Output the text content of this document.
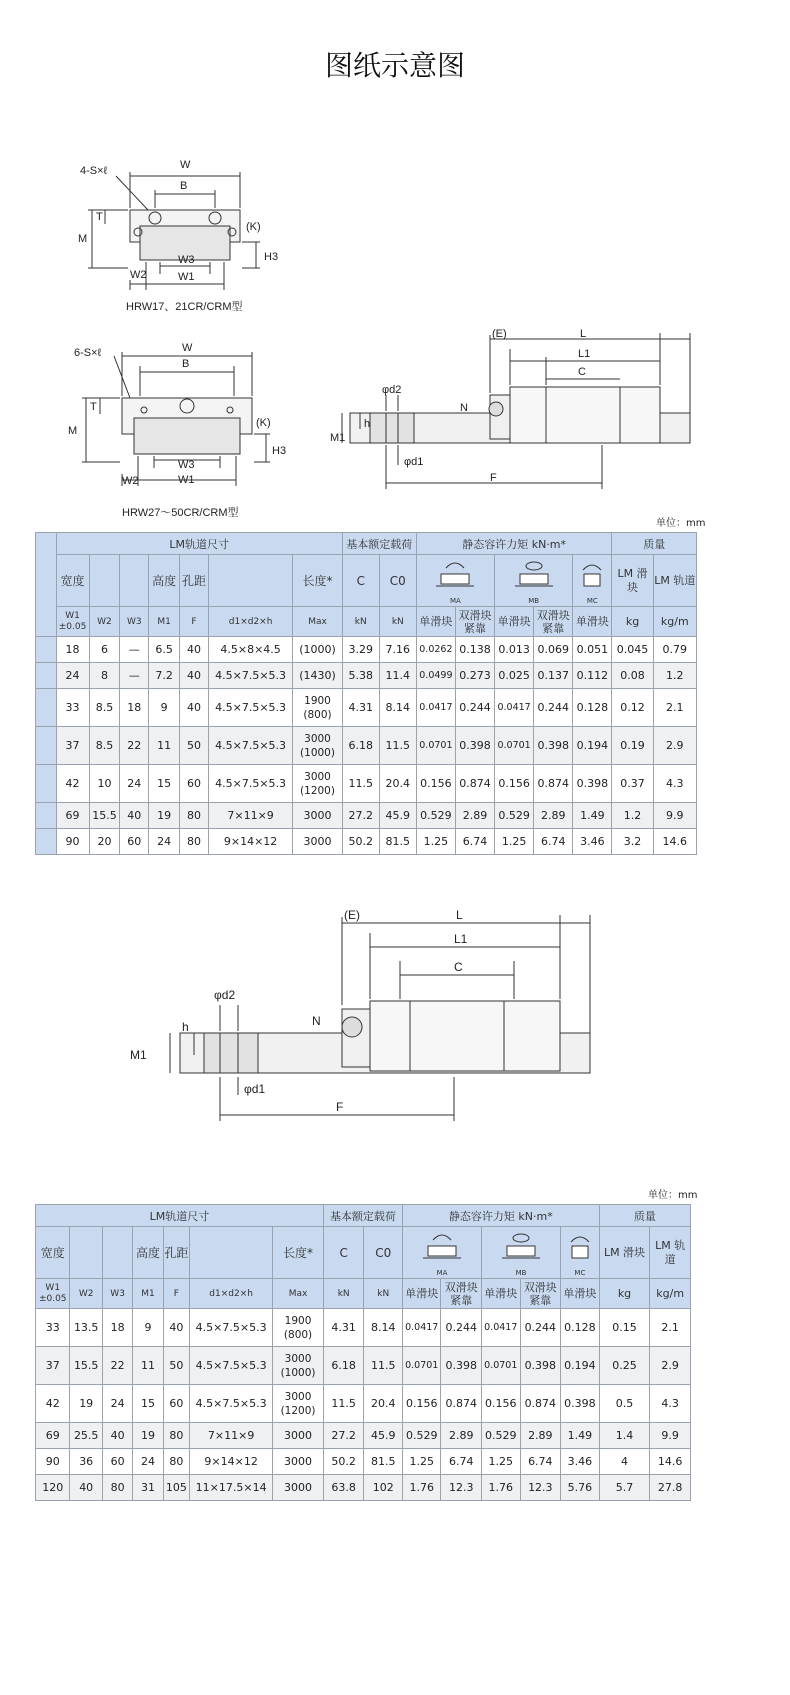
图纸示意图
4-S×ℓ	W
B
T
M
(K)
H3
W3
W1
W2
HRW17、21CR/CRM型
6-S×ℓ	W
B
T
M
(K)
H3
W3
W1
W2
HRW27～50CR/CRM型
(E)	L
L1
C
N
φd2
φd1
h
M1
F
单位：mm
	LM轨道尺寸							基本额定载荷		静态容许力矩 kN·m*					质量	
	宽度			高度	孔距		长度*	C	C0	MA		MB		MC	LM 滑块	LM 轨道
	W1 ±0.05	W2	W3	M1	F	d1×d2×h	Max	kN	kN	单滑块	双滑块 紧靠	单滑块	双滑块 紧靠	单滑块	kg	kg/m
	18	6	—	6.5	40	4.5×8×4.5	(1000)	3.29	7.16	0.0262	0.138	0.013	0.069	0.051	0.045	0.79
	24	8	—	7.2	40	4.5×7.5×5.3	(1430)	5.38	11.4	0.0499	0.273	0.025	0.137	0.112	0.08	1.2
	33	8.5	18	9	40	4.5×7.5×5.3	1900 (800)	4.31	8.14	0.0417	0.244	0.0417	0.244	0.128	0.12	2.1
	37	8.5	22	11	50	4.5×7.5×5.3	3000 (1000)	6.18	11.5	0.0701	0.398	0.0701	0.398	0.194	0.19	2.9
	42	10	24	15	60	4.5×7.5×5.3	3000 (1200)	11.5	20.4	0.156	0.874	0.156	0.874	0.398	0.37	4.3
	69	15.5	40	19	80	7×11×9	3000	27.2	45.9	0.529	2.89	0.529	2.89	1.49	1.2	9.9
	90	20	60	24	80	9×14×12	3000	50.2	81.5	1.25	6.74	1.25	6.74	3.46	3.2	14.6
(E)	L
L1
C
N
φd2
φd1
h
M1
F
单位：mm
LM轨道尺寸							基本额定载荷		静态容许力矩 kN·m*					质量	
宽度			高度	孔距		长度*	C	C0	MA		MB		MC	LM 滑块	LM 轨道
W1 ±0.05	W2	W3	M1	F	d1×d2×h	Max	kN	kN	单滑块	双滑块 紧靠	单滑块	双滑块 紧靠	单滑块	kg	kg/m
33	13.5	18	9	40	4.5×7.5×5.3	1900 (800)	4.31	8.14	0.0417	0.244	0.0417	0.244	0.128	0.15	2.1
37	15.5	22	11	50	4.5×7.5×5.3	3000 (1000)	6.18	11.5	0.0701	0.398	0.0701	0.398	0.194	0.25	2.9
42	19	24	15	60	4.5×7.5×5.3	3000 (1200)	11.5	20.4	0.156	0.874	0.156	0.874	0.398	0.5	4.3
69	25.5	40	19	80	7×11×9	3000	27.2	45.9	0.529	2.89	0.529	2.89	1.49	1.4	9.9
90	36	60	24	80	9×14×12	3000	50.2	81.5	1.25	6.74	1.25	6.74	3.46	4	14.6
120	40	80	31	105	11×17.5×14	3000	63.8	102	1.76	12.3	1.76	12.3	5.76	5.7	27.8
